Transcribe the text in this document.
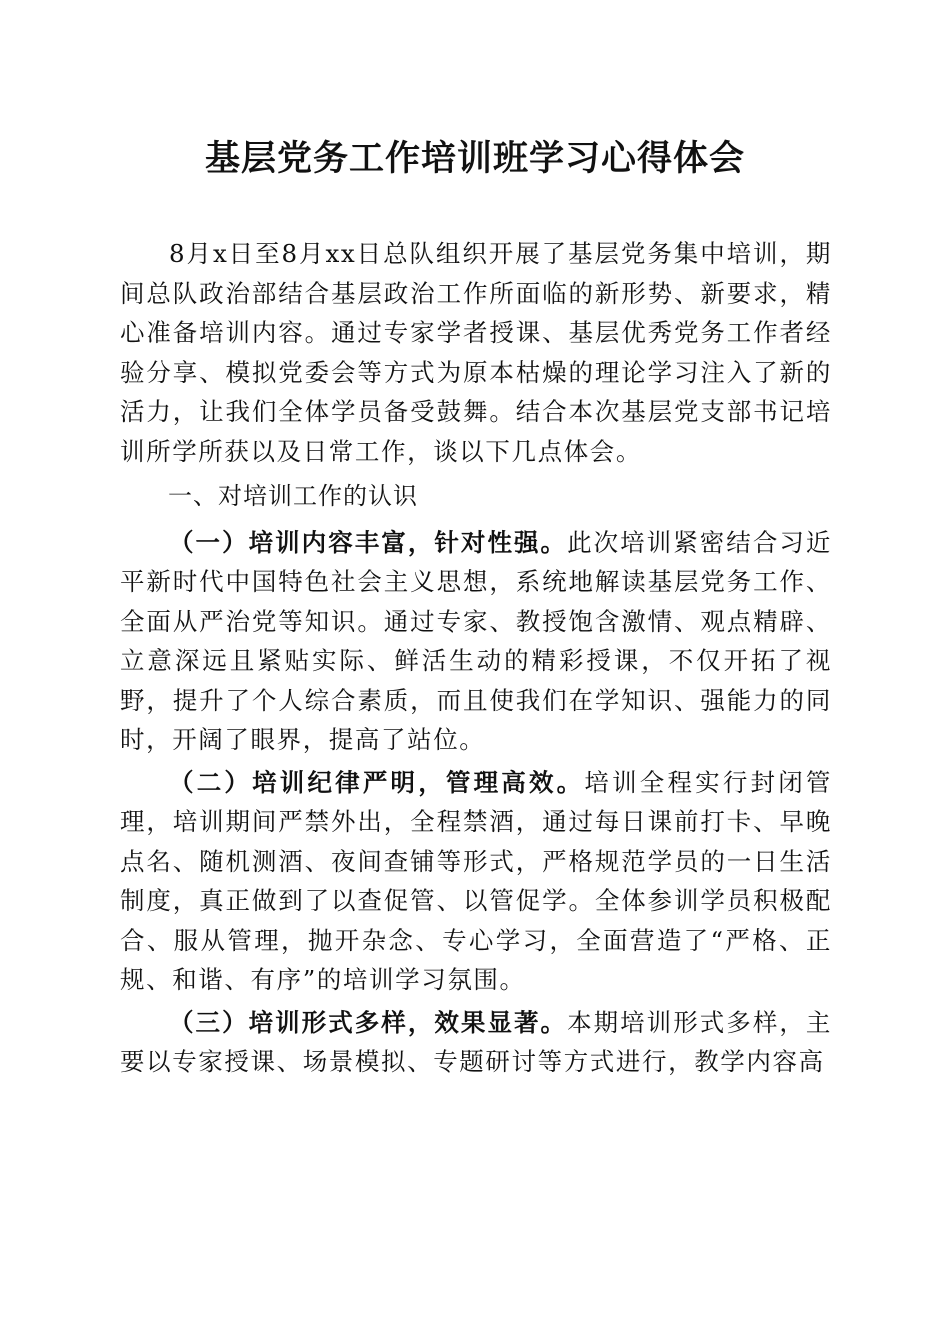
基层党务工作培训班学习心得体会

8月x日至8月xx日总队组织开展了基层党务集中培训，期间总队政治部结合基层政治工作所面临的新形势、新要求，精心准备培训内容。通过专家学者授课、基层优秀党务工作者经验分享、模拟党委会等方式为原本枯燥的理论学习注入了新的活力，让我们全体学员备受鼓舞。结合本次基层党支部书记培训所学所获以及日常工作，谈以下几点体会。

一、对培训工作的认识

（一）培训内容丰富，针对性强。此次培训紧密结合习近平新时代中国特色社会主义思想，系统地解读基层党务工作、全面从严治党等知识。通过专家、教授饱含激情、观点精辟、立意深远且紧贴实际、鲜活生动的精彩授课，不仅开拓了视野，提升了个人综合素质，而且使我们在学知识、强能力的同时，开阔了眼界，提高了站位。

（二）培训纪律严明，管理高效。培训全程实行封闭管理，培训期间严禁外出，全程禁酒，通过每日课前打卡、早晚点名、随机测酒、夜间查铺等形式，严格规范学员的一日生活制度，真正做到了以查促管、以管促学。全体参训学员积极配合、服从管理，抛开杂念、专心学习，全面营造了“严格、正规、和谐、有序”的培训学习氛围。

（三）培训形式多样，效果显著。本期培训形式多样，主要以专家授课、场景模拟、专题研讨等方式进行，教学内容高
